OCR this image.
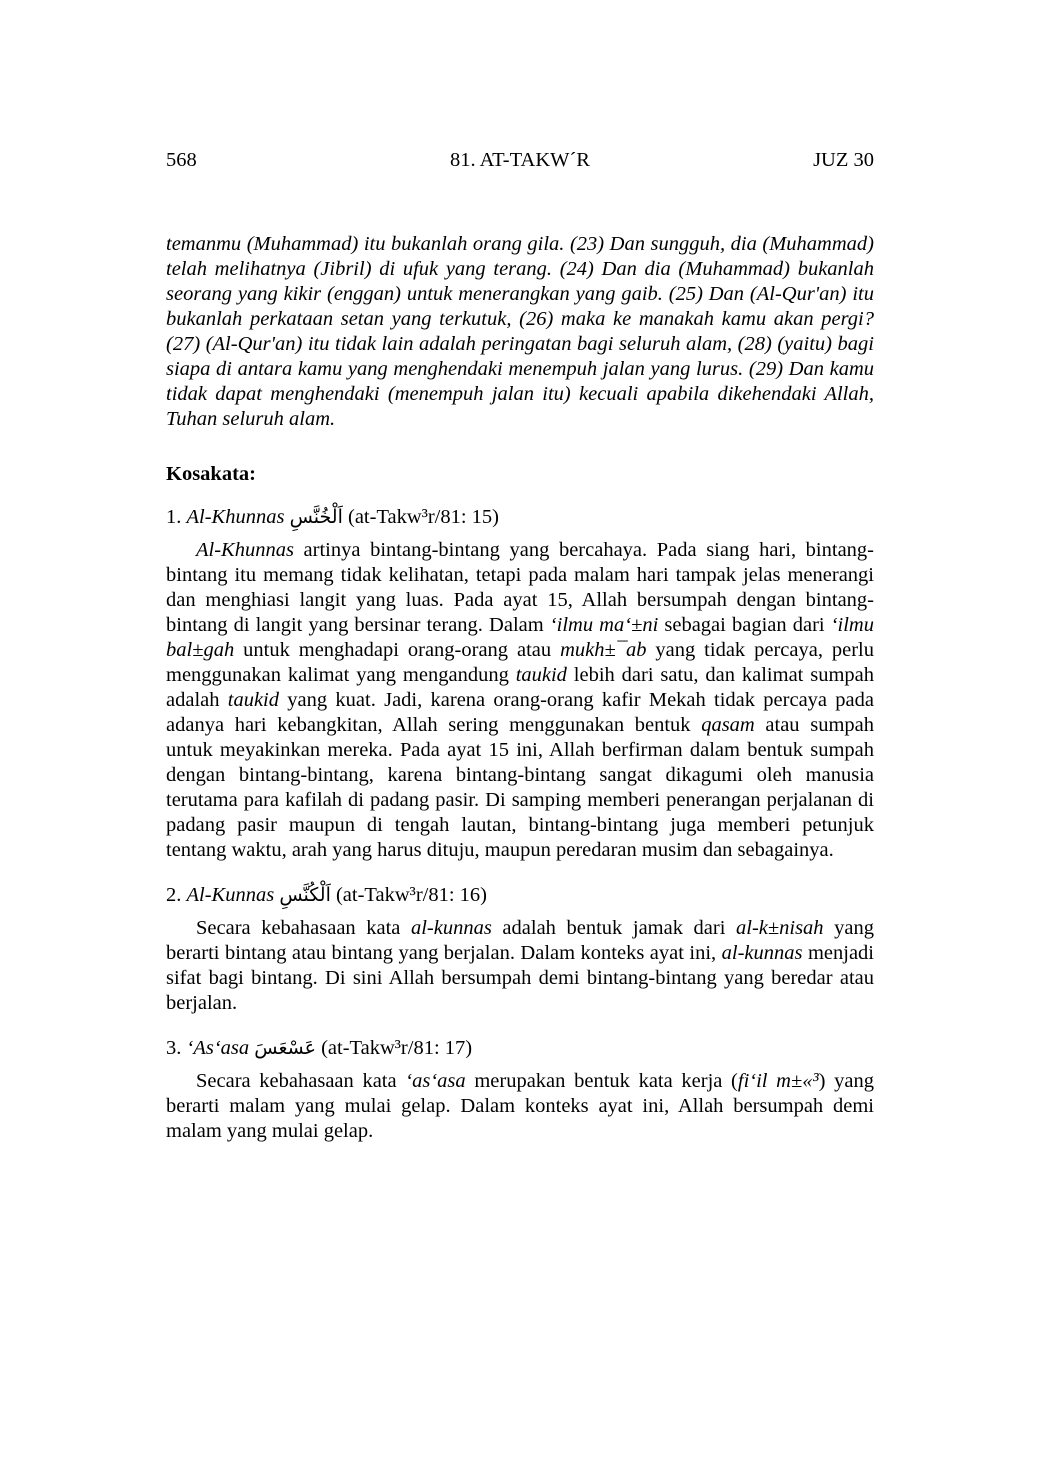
568	81. AT-TAKW´R	JUZ 30

temanmu (Muhammad) itu bukanlah orang gila. (23) Dan sungguh, dia (Muhammad) telah melihatnya (Jibril) di ufuk yang terang. (24) Dan dia (Muhammad) bukanlah seorang yang kikir (enggan) untuk menerangkan yang gaib. (25) Dan (Al-Qur'an) itu bukanlah perkataan setan yang terkutuk, (26) maka ke manakah kamu akan pergi? (27) (Al-Qur'an) itu tidak lain adalah peringatan bagi seluruh alam, (28) (yaitu) bagi siapa di antara kamu yang menghendaki menempuh jalan yang lurus. (29) Dan kamu tidak dapat menghendaki (menempuh jalan itu) kecuali apabila dikehendaki Allah, Tuhan seluruh alam.

Kosakata:

1. Al-Khunnas اَلْخُنَّسِ (at-Takw³r/81: 15)

Al-Khunnas artinya bintang-bintang yang bercahaya. Pada siang hari, bintang-bintang itu memang tidak kelihatan, tetapi pada malam hari tampak jelas menerangi dan menghiasi langit yang luas. Pada ayat 15, Allah bersumpah dengan bintang-bintang di langit yang bersinar terang. Dalam ‘ilmu ma‘±ni sebagai bagian dari ‘ilmu bal±gah untuk menghadapi orang-orang atau mukh±¯ab yang tidak percaya, perlu menggunakan kalimat yang mengandung taukid lebih dari satu, dan kalimat sumpah adalah taukid yang kuat. Jadi, karena orang-orang kafir Mekah tidak percaya pada adanya hari kebangkitan, Allah sering menggunakan bentuk qasam atau sumpah untuk meyakinkan mereka. Pada ayat 15 ini, Allah berfirman dalam bentuk sumpah dengan bintang-bintang, karena bintang-bintang sangat dikagumi oleh manusia terutama para kafilah di padang pasir. Di samping memberi penerangan perjalanan di padang pasir maupun di tengah lautan, bintang-bintang juga memberi petunjuk tentang waktu, arah yang harus dituju, maupun peredaran musim dan sebagainya.

2. Al-Kunnas اَلْكُنَّسِ (at-Takw³r/81: 16)

Secara kebahasaan kata al-kunnas adalah bentuk jamak dari al-k±nisah yang berarti bintang atau bintang yang berjalan. Dalam konteks ayat ini, al-kunnas menjadi sifat bagi bintang. Di sini Allah bersumpah demi bintang-bintang yang beredar atau berjalan.

3. ‘As‘asa عَسْعَسَ (at-Takw³r/81: 17)

Secara kebahasaan kata ‘as‘asa merupakan bentuk kata kerja (fi‘il m±«³) yang berarti malam yang mulai gelap. Dalam konteks ayat ini, Allah bersumpah demi malam yang mulai gelap.
